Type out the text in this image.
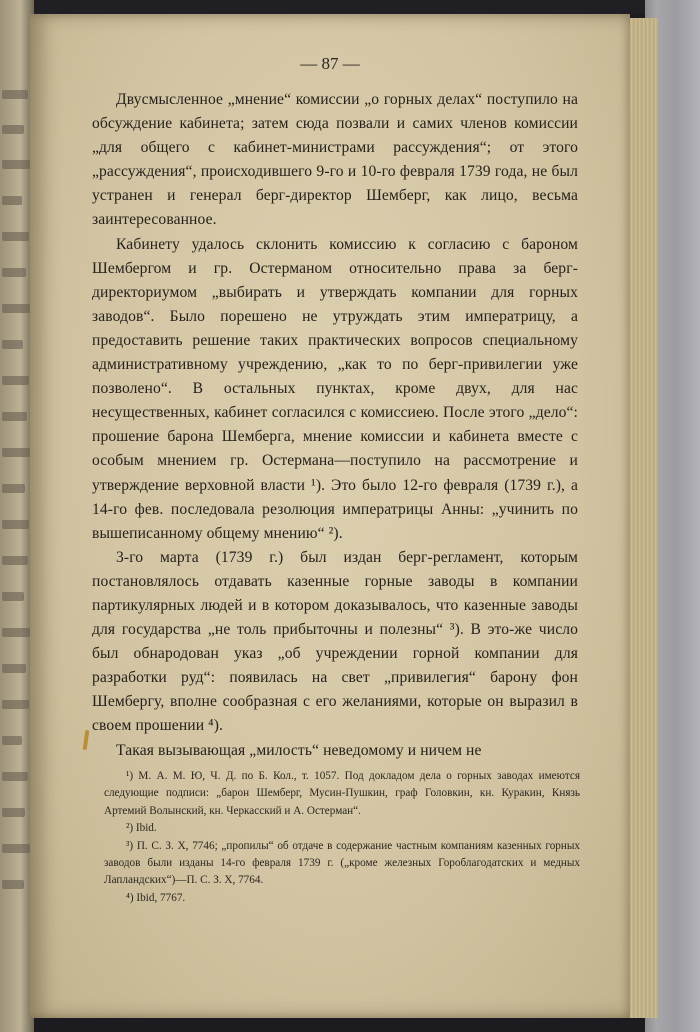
— 87 —

Двусмысленное „мнение“ комиссии „о горных делах“ поступило на обсуждение кабинета; затем сюда позвали и самих членов комиссии „для общего с кабинет-министрами рассуждения“; от этого „рассуждения“, происходившего 9-го и 10-го февраля 1739 года, не был устранен и генерал берг-директор Шемберг, как лицо, весьма заинтересованное.

Кабинету удалось склонить комиссию к согласию с бароном Шембергом и гр. Остерманом относительно права за берг-директориумом „выбирать и утверждать компании для горных заводов“. Было порешено не утруждать этим императрицу, а предоставить решение таких практических вопросов специальному административному учреждению, „как то по берг-привилегии уже позволено“. В остальных пунктах, кроме двух, для нас несущественных, кабинет согласился с комиссиею. После этого „дело“: прошение барона Шемберга, мнение комиссии и кабинета вместе с особым мнением гр. Остермана—поступило на рассмотрение и утверждение верховной власти ¹). Это было 12-го февраля (1739 г.), а 14-го фев. последовала резолюция императрицы Анны: „учинить по вышеписанному общему мнению“ ²).

3-го марта (1739 г.) был издан берг-регламент, которым постановлялось отдавать казенные горные заводы в компании партикулярных людей и в котором доказывалось, что казенные заводы для государства „не толь прибыточны и полезны“ ³). В это-же число был обнародован указ „об учреждении горной компании для разработки руд“: появилась на свет „привилегия“ барону фон Шембергу, вполне сообразная с его желаниями, которые он выразил в своем прошении ⁴).

Такая вызывающая „милость“ неведомому и ничем не

¹) М. А. М. Ю, Ч. Д. по Б. Кол., т. 1057. Под докладом дела о горных заводах имеются следующие подписи: „барон Шемберг, Мусин-Пушкин, граф Головкин, кн. Куракин, Князь Артемий Волынский, кн. Черкасский и А. Остерман“.

²) Ibid.

³) П. С. З. Х, 7746; „пропилы“ об отдаче в содержание частным компаниям казенных горных заводов были изданы 14-го февраля 1739 г. („кроме железных Гороблагодатских и медных Лапландских“)—П. С. З. Х, 7764.

⁴) Ibid, 7767.
